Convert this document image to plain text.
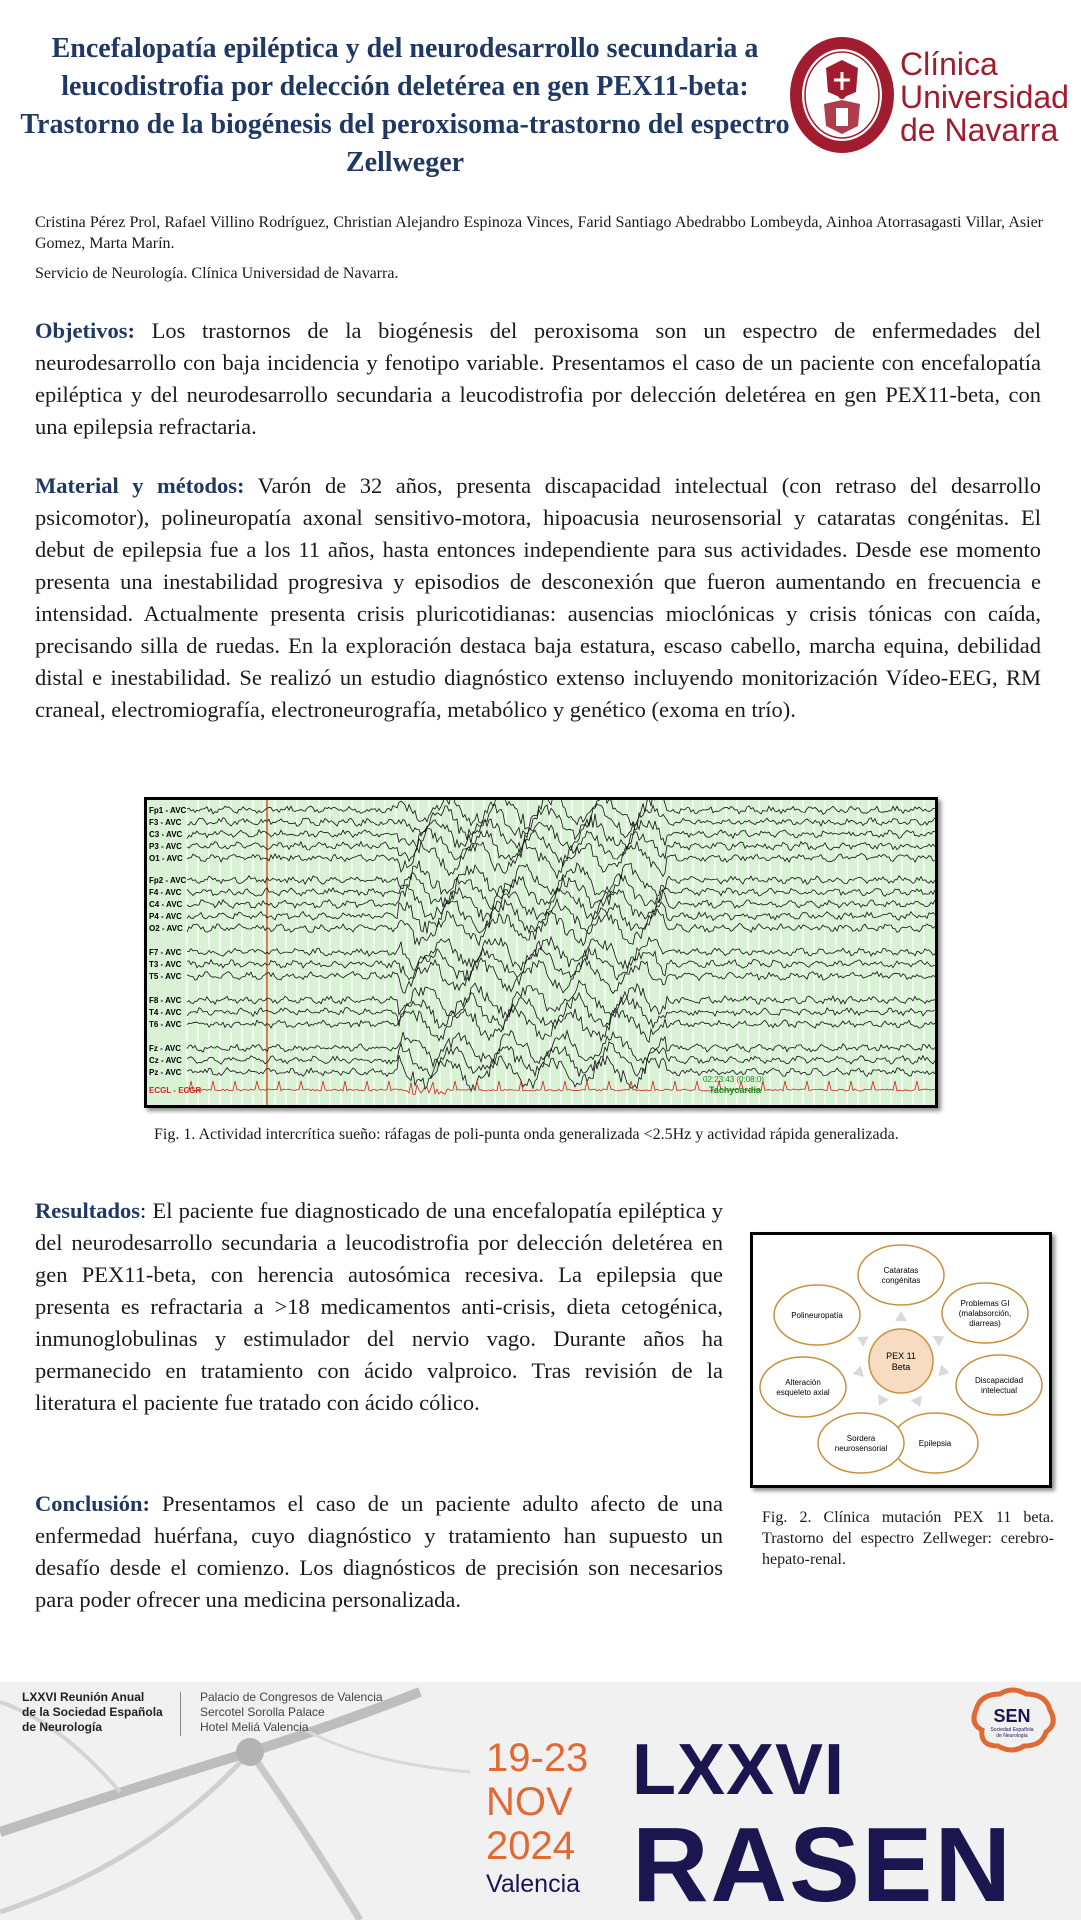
Encefalopatía epiléptica y del neurodesarrollo secundaria a leucodistrofia por delección deletérea en gen PEX11-beta: Trastorno de la biogénesis del peroxisoma-trastorno del espectro Zellweger
Clínica
Universidad
de Navarra
Cristina Pérez Prol, Rafael Villino Rodríguez, Christian Alejandro Espinoza Vinces, Farid Santiago Abedrabbo Lombeyda, Ainhoa Atorrasagasti Villar, Asier Gomez, Marta Marín.
Servicio de Neurología. Clínica Universidad de Navarra.
Objetivos: Los trastornos de la biogénesis del peroxisoma son un espectro de enfermedades del neurodesarrollo con baja incidencia y fenotipo variable. Presentamos el caso de un paciente con encefalopatía epiléptica y del neurodesarrollo secundaria a leucodistrofia por delección deletérea en gen PEX11-beta, con una epilepsia refractaria.
Material y métodos: Varón de 32 años, presenta discapacidad intelectual (con retraso del desarrollo psicomotor), polineuropatía axonal sensitivo-motora, hipoacusia neurosensorial y cataratas congénitas. El debut de epilepsia fue a los 11 años, hasta entonces independiente para sus actividades. Desde ese momento presenta una inestabilidad progresiva y episodios de desconexión que fueron aumentando en frecuencia e intensidad. Actualmente presenta crisis pluricotidianas: ausencias mioclónicas y crisis tónicas con caída, precisando silla de ruedas. En la exploración destaca baja estatura, escaso cabello, marcha equina, debilidad distal e inestabilidad. Se realizó un estudio diagnóstico extenso incluyendo monitorización Vídeo-EEG, RM craneal, electromiografía, electroneurografía, metabólico y genético (exoma en trío).
Fp1 - AVC
F3 - AVC
C3 - AVC
P3 - AVC
O1 - AVC
Fp2 - AVC
F4 - AVC
C4 - AVC
P4 - AVC
O2 - AVC
F7 - AVC
T3 - AVC
T5 - AVC
F8 - AVC
T4 - AVC
T6 - AVC
Fz - AVC
Cz - AVC
Pz - AVC
ECGL - ECGR
02:23:43 (0:08:0)
Tachycardia
Fig. 1. Actividad intercrítica sueño: ráfagas de poli-punta onda generalizada <2.5Hz y actividad rápida generalizada.
Resultados: El paciente fue diagnosticado de una encefalopatía epiléptica y del neurodesarrollo secundaria a leucodistrofia por delección deletérea en gen PEX11-beta, con herencia autosómica recesiva. La epilepsia que presenta es refractaria a >18 medicamentos anti-crisis, dieta cetogénica, inmunoglobulinas y estimulador del nervio vago. Durante años ha permanecido en tratamiento con ácido valproico. Tras revisión de la literatura el paciente fue tratado con ácido cólico.
Conclusión: Presentamos el caso de un paciente adulto afecto de una enfermedad huérfana, cuyo diagnóstico y tratamiento han supuesto un desafío desde el comienzo. Los diagnósticos de precisión son necesarios para poder ofrecer una medicina personalizada.
PEX 11
Beta
Cataratas
congénitas
Problemas GI
(malabsorción,
diarreas)
Discapacidad
intelectual
Epilepsia
Sordera
neurosensorial
Alteración
esqueleto axial
Polineuropatía
Fig. 2. Clínica mutación PEX 11 beta. Trastorno del espectro Zellweger: cerebro-hepato-renal.
LXXVI Reunión Anual
de la Sociedad Española
de Neurología
Palacio de Congresos de Valencia
Sercotel Sorolla Palace
Hotel Meliá Valencia
19-23
NOV
2024
Valencia
LXXVI
RASEN
SEN
Sociedad Española
de Neurología
